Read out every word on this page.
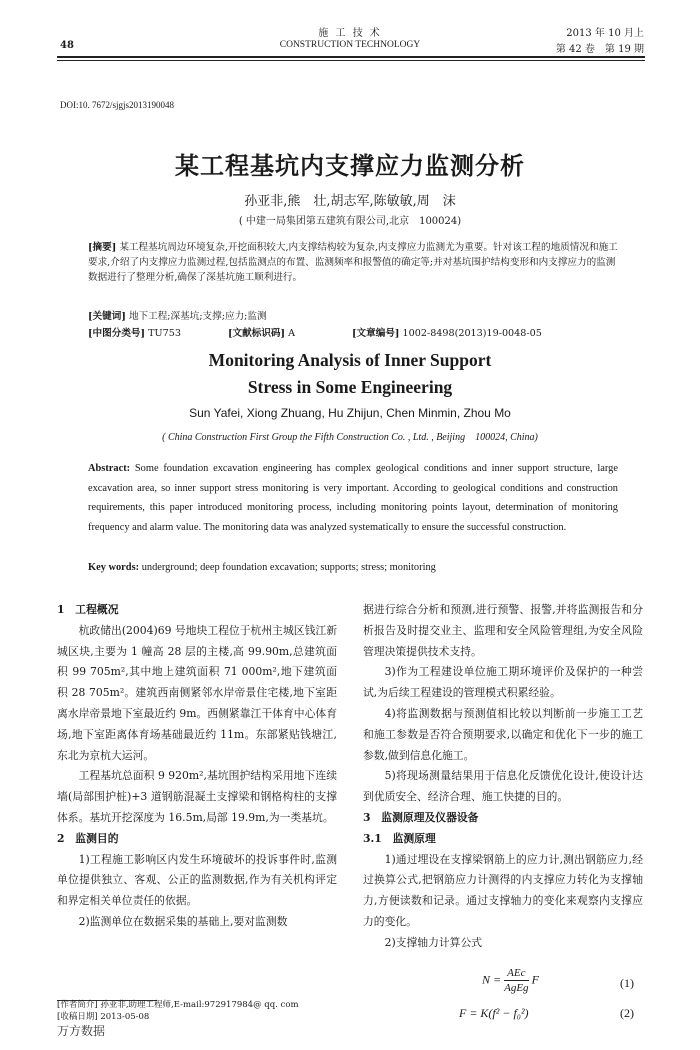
施 工 技 术
CONSTRUCTION TECHNOLOGY
48
2013 年 10 月上
第 42 卷　第 19 期
DOI:10. 7672/sjgjs2013190048
某工程基坑内支撑应力监测分析
孙亚非,熊　壮,胡志军,陈敏敏,周　沫
( 中建一局集团第五建筑有限公司,北京　100024)
[摘要] 某工程基坑周边环境复杂,开挖面积较大,内支撑结构较为复杂,内支撑应力监测尤为重要。针对该工程的地质情况和施工要求,介绍了内支撑应力监测过程,包括监测点的布置、监测频率和报警值的确定等;并对基坑围护结构变形和内支撑应力的监测数据进行了整理分析,确保了深基坑施工顺利进行。
[关键词] 地下工程;深基坑;支撑;应力;监测
[中图分类号] TU753	[文献标识码] A	[文章编号] 1002-8498(2013)19-0048-05
Monitoring Analysis of Inner Support
Stress in Some Engineering
Sun Yafei, Xiong Zhuang, Hu Zhijun, Chen Minmin, Zhou Mo
( China Construction First Group the Fifth Construction Co. , Ltd. , Beijing　100024, China)
Abstract: Some foundation excavation engineering has complex geological conditions and inner support structure, large excavation area, so inner support stress monitoring is very important. According to geological conditions and construction requirements, this paper introduced monitoring process, including monitoring points layout, determination of monitoring frequency and alarm value. The monitoring data was analyzed systematically to ensure the successful construction.
Key words: underground; deep foundation excavation; supports; stress; monitoring

1　工程概况

杭政储出(2004)69 号地块工程位于杭州主城区钱江新城区块,主要为 1 幢高 28 层的主楼,高 99.90m,总建筑面积 99 705m²,其中地上建筑面积 71 000m²,地下建筑面积 28 705m²。建筑西南侧紧邻水岸帝景住宅楼,地下室距离水岸帝景地下室最近约 9m。西侧紧靠江干体育中心体育场,地下室距离体育场基础最近约 11m。东部紧贴钱塘江,东北为京杭大运河。

工程基坑总面积 9 920m²,基坑围护结构采用地下连续墙(局部围护桩)+3 道钢筋混凝土支撑梁和钢格构柱的支撑体系。基坑开挖深度为 16.5m,局部 19.9m,为一类基坑。

2　监测目的

1)工程施工影响区内发生环境破坏的投诉事件时,监测单位提供独立、客观、公正的监测数据,作为有关机构评定和界定相关单位责任的依据。

2)监测单位在数据采集的基础上,要对监测数

据进行综合分析和预测,进行预警、报警,并将监测报告和分析报告及时提交业主、监理和安全风险管理组,为安全风险管理决策提供技术支持。

3)作为工程建设单位施工期环境评价及保护的一种尝试,为后续工程建设的管理模式积累经验。

4)将监测数据与预测值相比较以判断前一步施工工艺和施工参数是否符合预期要求,以确定和优化下一步的施工参数,做到信息化施工。

5)将现场测量结果用于信息化反馈优化设计,使设计达到优质安全、经济合理、施工快捷的目的。

3　监测原理及仪器设备

3.1　监测原理

1)通过埋设在支撑梁钢筋上的应力计,测出钢筋应力,经过换算公式,把钢筋应力计测得的内支撑应力转化为支撑轴力,方便读数和记录。通过支撑轴力的变化来观察内支撑应力的变化。

2)支撑轴力计算公式

$N = \frac{\text{AEc}}{\text{AgEg}}$ F	(1)
F = K(f² − f₀²)	(2)
[作者简介] 孙亚非,助理工程师,E-mail:972917984@ qq. com
[收稿日期] 2013-05-08
万方数据
